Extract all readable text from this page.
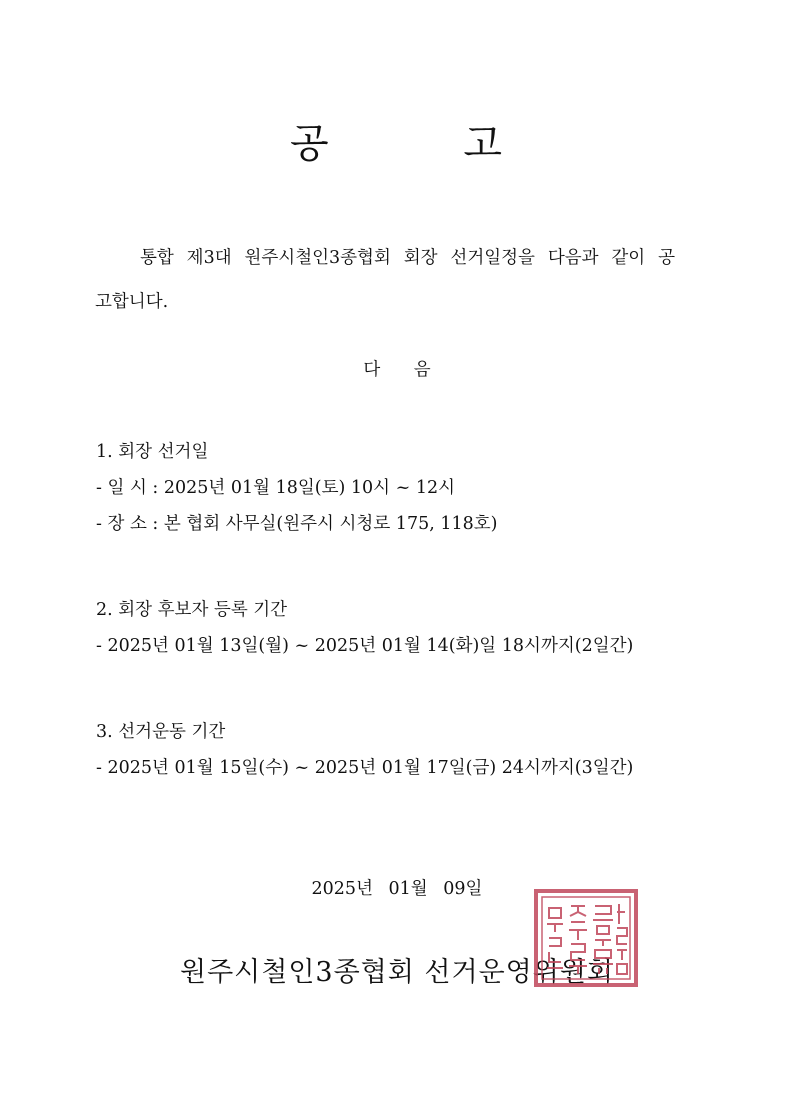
공 고

통합 제3대 원주시철인3종협회 회장 선거일정을 다음과 같이 공고합니다.

다 음

1. 회장 선거일
- 일 시 : 2025년 01월 18일(토) 10시 ~ 12시
- 장 소 : 본 협회 사무실(원주시 시청로 175, 118호)
2. 회장 후보자 등록 기간
- 2025년 01월 13일(월) ~ 2025년 01월 14(화)일 18시까지(2일간)
3. 선거운동 기간
- 2025년 01월 15일(수) ~ 2025년 01월 17일(금) 24시까지(3일간)

2025년 01월 09일

원주시철인3종협회 선거운영위원회
